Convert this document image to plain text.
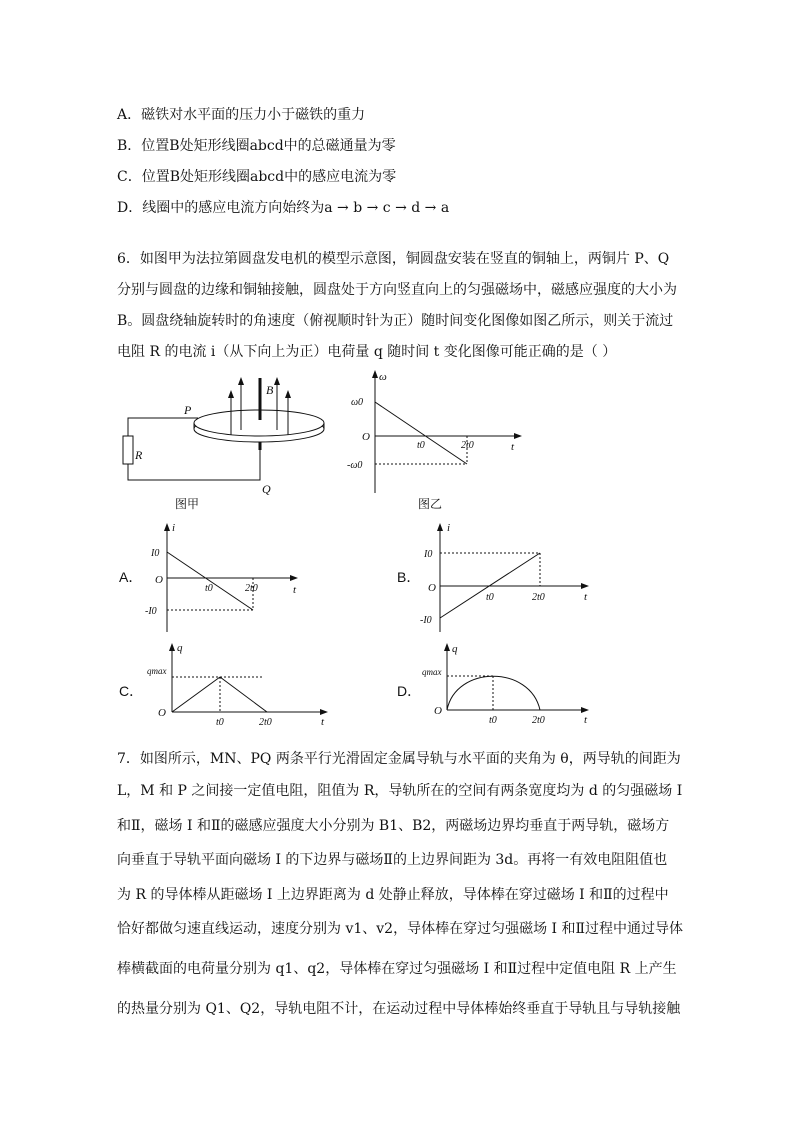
A．磁铁对水平面的压力小于磁铁的重力
B．位置B处矩形线圈abcd中的总磁通量为零
C．位置B处矩形线圈abcd中的感应电流为零
D．线圈中的感应电流方向始终为a → b → c → d → a
6．如图甲为法拉第圆盘发电机的模型示意图，铜圆盘安装在竖直的铜轴上，两铜片 P、Q
分别与圆盘的边缘和铜轴接触，圆盘处于方向竖直向上的匀强磁场中，磁感应强度的大小为
B。圆盘绕轴旋转时的角速度（俯视顺时针为正）随时间变化图像如图乙所示，则关于流过
电阻 R 的电流 i（从下向上为正）电荷量 q 随时间 t 变化图像可能正确的是（ ）
P
B
R
Q
图甲
ω
ω0
O
t0	2t0	t
-ω0
图乙
A．
i
I0
O
t0	2t0	t
-I0
B．
i
I0
O
t0	2t0	t
-I0
C．
q
qmax
O
t0	2t0	t
D．
q
qmax
O
t0	2t0	t
7．如图所示，MN、PQ 两条平行光滑固定金属导轨与水平面的夹角为 θ，两导轨的间距为
L，M 和 P 之间接一定值电阻，阻值为 R，导轨所在的空间有两条宽度均为 d 的匀强磁场 I
和Ⅱ，磁场 I 和Ⅱ的磁感应强度大小分别为 B1、B2，两磁场边界均垂直于两导轨，磁场方
向垂直于导轨平面向磁场 I 的下边界与磁场Ⅱ的上边界间距为 3d。再将一有效电阻阻值也
为 R 的导体棒从距磁场 I 上边界距离为 d 处静止释放，导体棒在穿过磁场 I 和Ⅱ的过程中
恰好都做匀速直线运动，速度分别为 v1、v2，导体棒在穿过匀强磁场 I 和Ⅱ过程中通过导体
棒横截面的电荷量分别为 q1、q2，导体棒在穿过匀强磁场 I 和Ⅱ过程中定值电阻 R 上产生
的热量分别为 Q1、Q2，导轨电阻不计，在运动过程中导体棒始终垂直于导轨且与导轨接触
